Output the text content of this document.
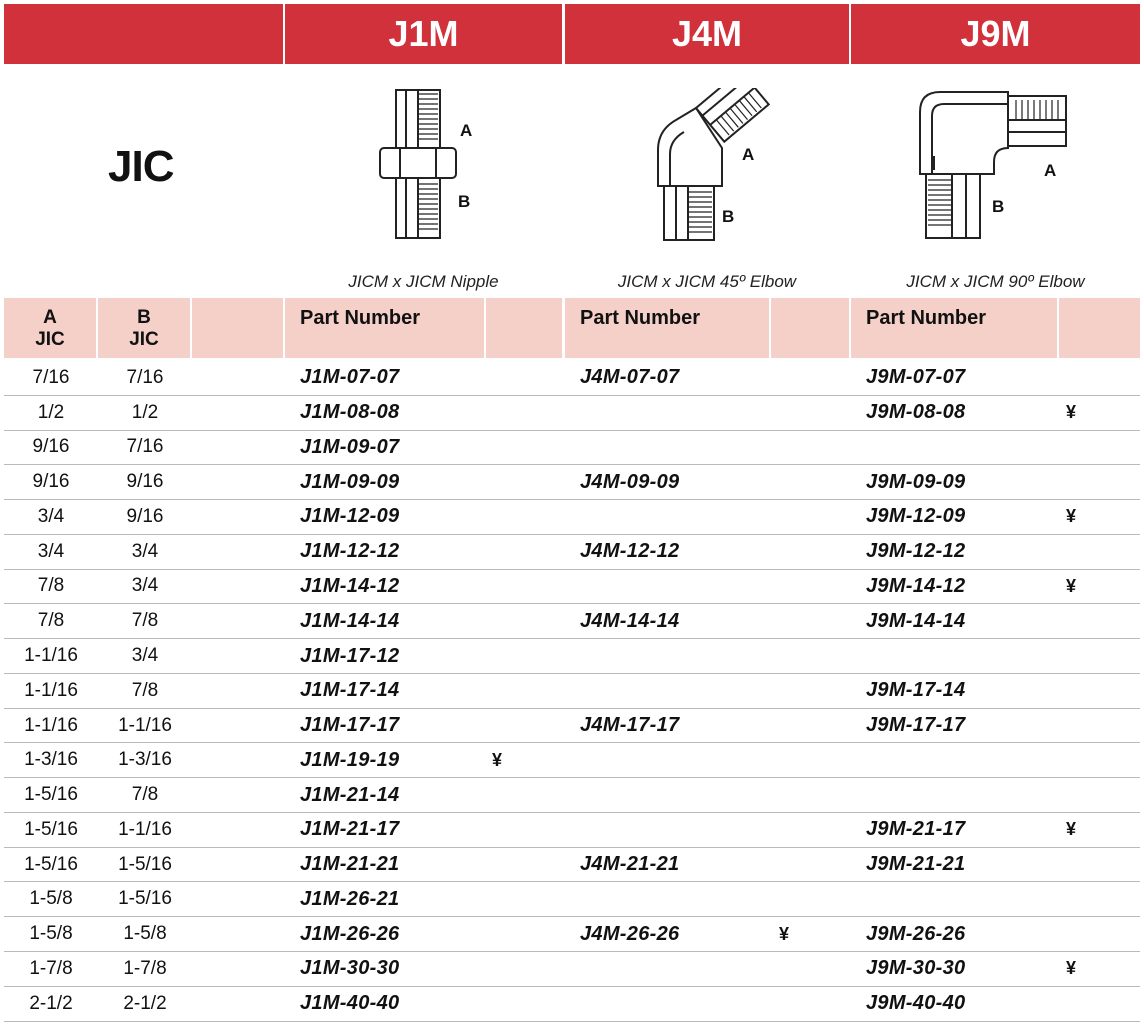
J1M	J4M	J9M
JIC
A
B
A
B
A
B
JICM x JICM Nipple	JICM x JICM 45º Elbow	JICM x JICM 90º Elbow
A
JIC
B
JIC
Part Number	Part Number	Part Number
7/16	7/16	J1M-07-07	J4M-07-07	J9M-07-07
1/2	1/2	J1M-08-08	J9M-08-08	¥
9/16	7/16	J1M-09-07
9/16	9/16	J1M-09-09	J4M-09-09	J9M-09-09
3/4	9/16	J1M-12-09	J9M-12-09	¥
3/4	3/4	J1M-12-12	J4M-12-12	J9M-12-12
7/8	3/4	J1M-14-12	J9M-14-12	¥
7/8	7/8	J1M-14-14	J4M-14-14	J9M-14-14
1-1/16	3/4	J1M-17-12
1-1/16	7/8	J1M-17-14	J9M-17-14
1-1/16	1-1/16	J1M-17-17	J4M-17-17	J9M-17-17
1-3/16	1-3/16	J1M-19-19	¥
1-5/16	7/8	J1M-21-14
1-5/16	1-1/16	J1M-21-17	J9M-21-17	¥
1-5/16	1-5/16	J1M-21-21	J4M-21-21	J9M-21-21
1-5/8	1-5/16	J1M-26-21
1-5/8	1-5/8	J1M-26-26	J4M-26-26	¥	J9M-26-26
1-7/8	1-7/8	J1M-30-30	J9M-30-30	¥
2-1/2	2-1/2	J1M-40-40	J9M-40-40
